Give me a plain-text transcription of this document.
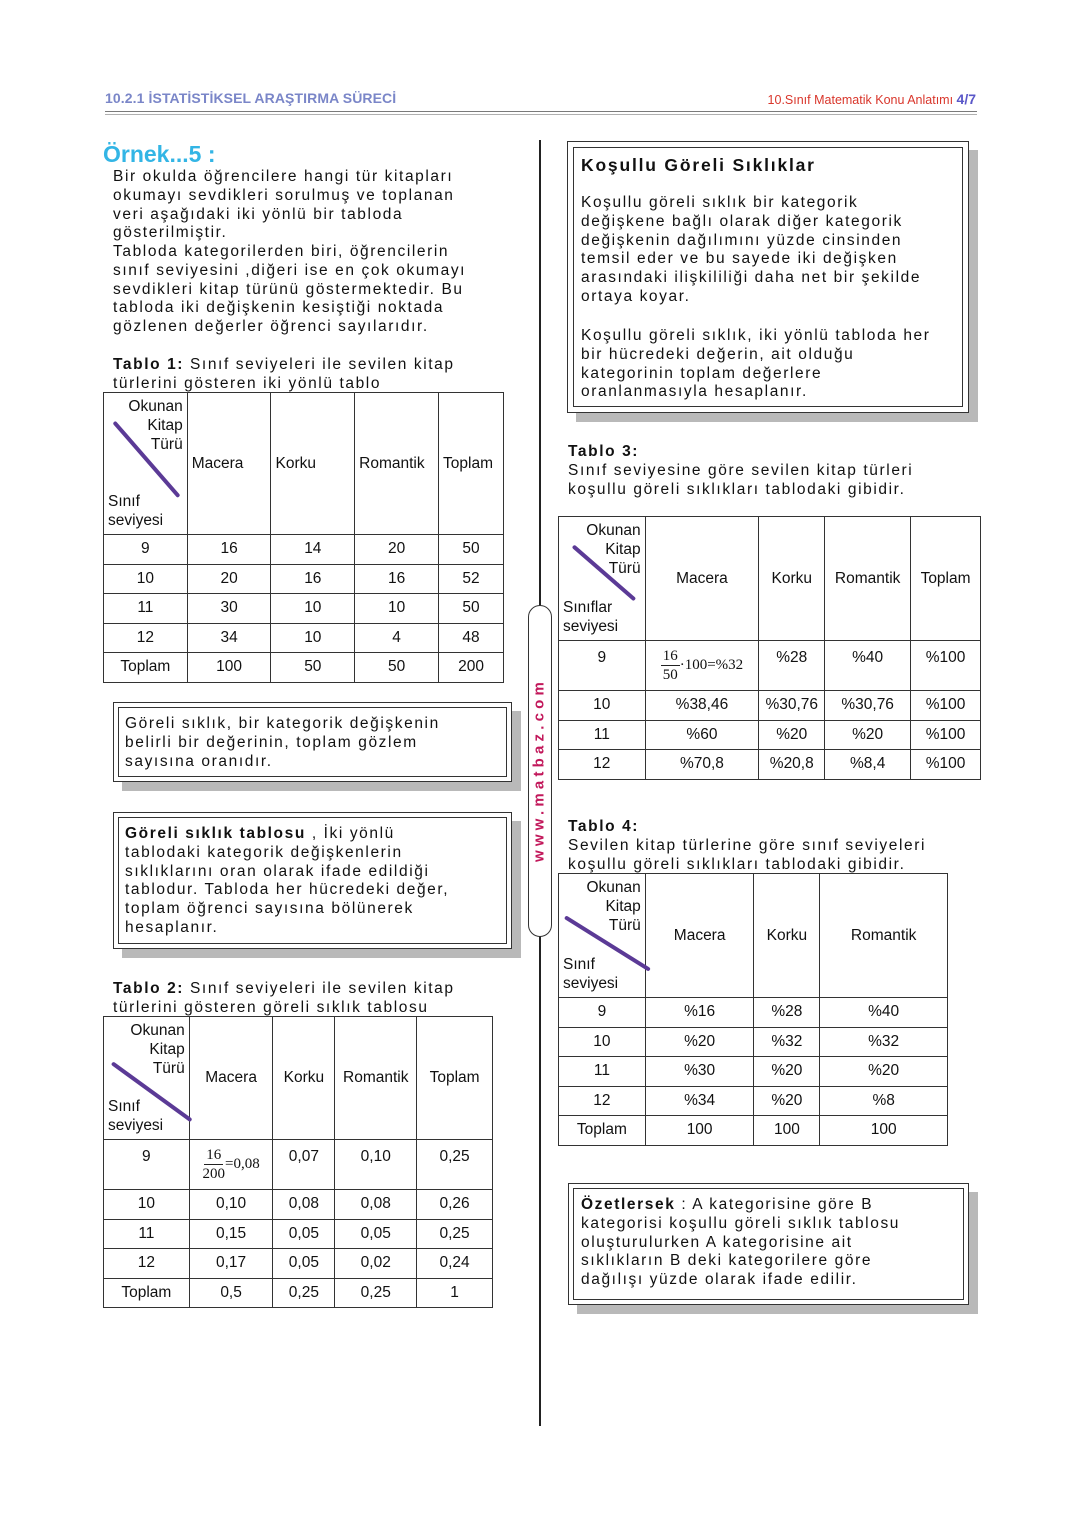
10.2.1 İSTATİSTİKSEL ARAŞTIRMA SÜRECİ	10.Sınıf Matematik Konu Anlatımı 4/7
www.matbaz.com
Örnek...5 :
Bir okulda öğrencilere hangi tür kitapları
okumayı sevdikleri sorulmuş ve toplanan
veri aşağıdaki iki yönlü bir tabloda
gösterilmiştir.
Tabloda kategorilerden biri, öğrencilerin
sınıf seviyesini ,diğeri ise en çok okumayı
sevdikleri kitap türünü göstermektedir. Bu
tabloda iki değişkenin kesiştiği noktada
gözlenen değerler öğrenci sayılarıdır.
Tablo 1: Sınıf seviyeleri ile sevilen kitap
türlerini gösteren iki yönlü tablo
Okunan
Kitap
Türü
Sınıf
seviyesi	Macera	Korku	Romantik	Toplam
9	16	14	20	50
10	20	16	16	52
11	30	10	10	50
12	34	10	4	48
Toplam	100	50	50	200
Göreli sıklık, bir kategorik değişkenin
belirli bir değerinin, toplam gözlem
sayısına oranıdır.
Göreli sıklık tablosu , İki yönlü
tablodaki kategorik değişkenlerin
sıklıklarını oran olarak ifade edildiği
tablodur. Tabloda her hücredeki değer,
toplam öğrenci sayısına bölünerek
hesaplanır.
Tablo 2: Sınıf seviyeleri ile sevilen kitap
türlerini gösteren göreli sıklık tablosu
Okunan
Kitap
Türü
Sınıf
seviyesi	Macera	Korku	Romantik	Toplam
9	$\frac{16}{200} =0,08$	0,07	0,10	0,25
10	0,10	0,08	0,08	0,26
11	0,15	0,05	0,05	0,25
12	0,17	0,05	0,02	0,24
Toplam	0,5	0,25	0,25	1
Koşullu Göreli Sıklıklar
Koşullu göreli sıklık bir kategorik
değişkene bağlı olarak diğer kategorik
değişkenin dağılımını yüzde cinsinden
temsil eder ve bu sayede iki değişken
arasındaki ilişkililiği daha net bir şekilde
ortaya koyar.
Koşullu göreli sıklık, iki yönlü tabloda her
bir hücredeki değerin, ait olduğu
kategorinin toplam değerlere
oranlanmasıyla hesaplanır.
Tablo 3:
Sınıf seviyesine göre sevilen kitap türleri
koşullu göreli sıklıkları tablodaki gibidir.
Okunan
Kitap
Türü
Sınıflar
seviyesi	Macera	Korku	Romantik	Toplam
9	$\frac{16}{50} \cdot 100=\%32$	%28	%40	%100
10	%38,46	%30,76	%30,76	%100
11	%60	%20	%20	%100
12	%70,8	%20,8	%8,4	%100
Tablo 4:
Sevilen kitap türlerine göre sınıf seviyeleri
koşullu göreli sıklıkları tablodaki gibidir.
Okunan
Kitap
Türü
Sınıf
seviyesi	Macera	Korku	Romantik
9	%16	%28	%40
10	%20	%32	%32
11	%30	%20	%20
12	%34	%20	%8
Toplam	100	100	100
Özetlersek : A kategorisine göre B
kategorisi koşullu göreli sıklık tablosu
oluşturulurken A kategorisine ait
sıklıkların B deki kategorilere göre
dağılışı yüzde olarak ifade edilir.
